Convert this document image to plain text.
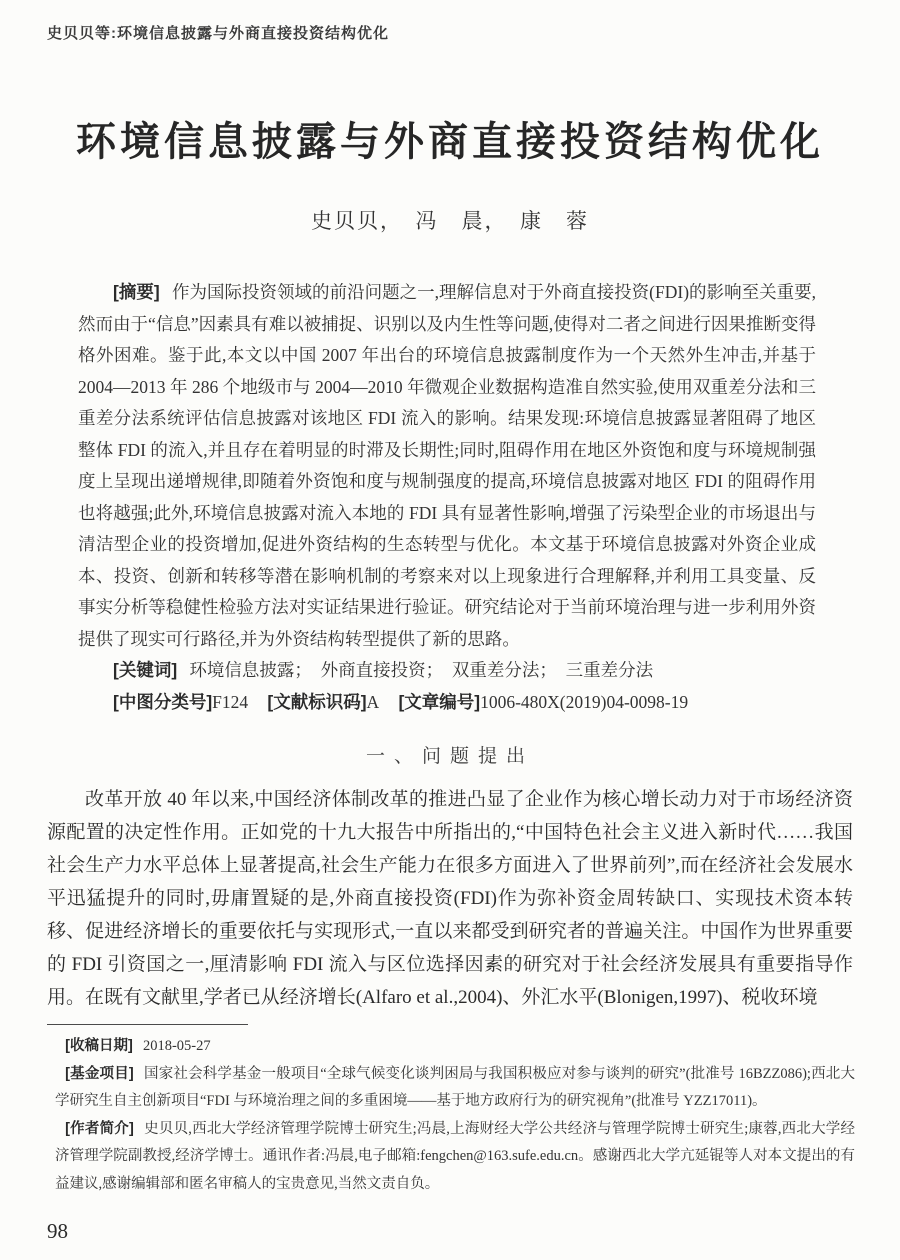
史贝贝等:环境信息披露与外商直接投资结构优化
环境信息披露与外商直接投资结构优化
史贝贝，　冯　晨，　康　蓉

[摘要] 作为国际投资领域的前沿问题之一,理解信息对于外商直接投资(FDI)的影响至关重要,然而由于“信息”因素具有难以被捕捉、识别以及内生性等问题,使得对二者之间进行因果推断变得格外困难。鉴于此,本文以中国 2007 年出台的环境信息披露制度作为一个天然外生冲击,并基于 2004—2013 年 286 个地级市与 2004—2010 年微观企业数据构造准自然实验,使用双重差分法和三重差分法系统评估信息披露对该地区 FDI 流入的影响。结果发现:环境信息披露显著阻碍了地区整体 FDI 的流入,并且存在着明显的时滞及长期性;同时,阻碍作用在地区外资饱和度与环境规制强度上呈现出递增规律,即随着外资饱和度与规制强度的提高,环境信息披露对地区 FDI 的阻碍作用也将越强;此外,环境信息披露对流入本地的 FDI 具有显著性影响,增强了污染型企业的市场退出与清洁型企业的投资增加,促进外资结构的生态转型与优化。本文基于环境信息披露对外资企业成本、投资、创新和转移等潜在影响机制的考察来对以上现象进行合理解释,并利用工具变量、反事实分析等稳健性检验方法对实证结果进行验证。研究结论对于当前环境治理与进一步利用外资提供了现实可行路径,并为外资结构转型提供了新的思路。

[关键词] 环境信息披露；　外商直接投资；　双重差分法；　三重差分法

[中图分类号]F124 [文献标识码]A [文章编号]1006-480X(2019)04-0098-19

一、问题提出

改革开放 40 年以来,中国经济体制改革的推进凸显了企业作为核心增长动力对于市场经济资源配置的决定性作用。正如党的十九大报告中所指出的,“中国特色社会主义进入新时代……我国社会生产力水平总体上显著提高,社会生产能力在很多方面进入了世界前列”,而在经济社会发展水平迅猛提升的同时,毋庸置疑的是,外商直接投资(FDI)作为弥补资金周转缺口、实现技术资本转移、促进经济增长的重要依托与实现形式,一直以来都受到研究者的普遍关注。中国作为世界重要的 FDI 引资国之一,厘清影响 FDI 流入与区位选择因素的研究对于社会经济发展具有重要指导作用。在既有文献里,学者已从经济增长(Alfaro et al.,2004)、外汇水平(Blonigen,1997)、税收环境

[收稿日期] 2018-05-27

[基金项目] 国家社会科学基金一般项目“全球气候变化谈判困局与我国积极应对参与谈判的研究”(批准号 16BZZ086);西北大学研究生自主创新项目“FDI 与环境治理之间的多重困境——基于地方政府行为的研究视角”(批准号 YZZ17011)。

[作者简介] 史贝贝,西北大学经济管理学院博士研究生;冯晨,上海财经大学公共经济与管理学院博士研究生;康蓉,西北大学经济管理学院副教授,经济学博士。通讯作者:冯晨,电子邮箱:fengchen@163.sufe.edu.cn。感谢西北大学亢延锟等人对本文提出的有益建议,感谢编辑部和匿名审稿人的宝贵意见,当然文责自负。

98
